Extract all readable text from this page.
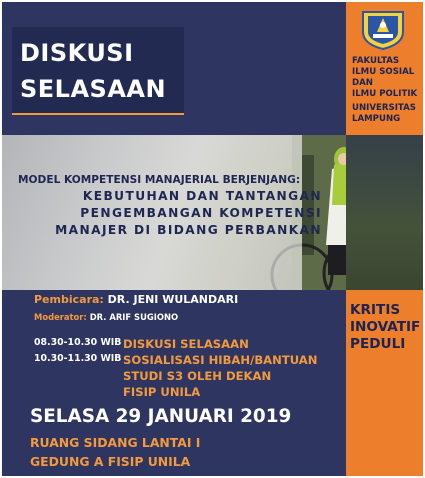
FAKULTAS
ILMU SOSIAL
DAN
ILMU POLITIK
UNIVERSITAS
LAMPUNG
KRITIS
INOVATIF
PEDULI
DISKUSI
SELASAAN
MODEL KOMPETENSI MANAJERIAL BERJENJANG:
KEBUTUHAN DAN TANTANGAN
PENGEMBANGAN KOMPETENSI
MANAJER DI BIDANG PERBANKAN
Pembicara: DR. JENI WULANDARI
Moderator: DR. ARIF SUGIONO
08.30-10.30 WIB DISKUSI SELASAAN
10.30-11.30 WIB SOSIALISASI HIBAH/BANTUAN
STUDI S3 OLEH DEKAN
FISIP UNILA
SELASA 29 JANUARI 2019
RUANG SIDANG LANTAI I
GEDUNG A FISIP UNILA
